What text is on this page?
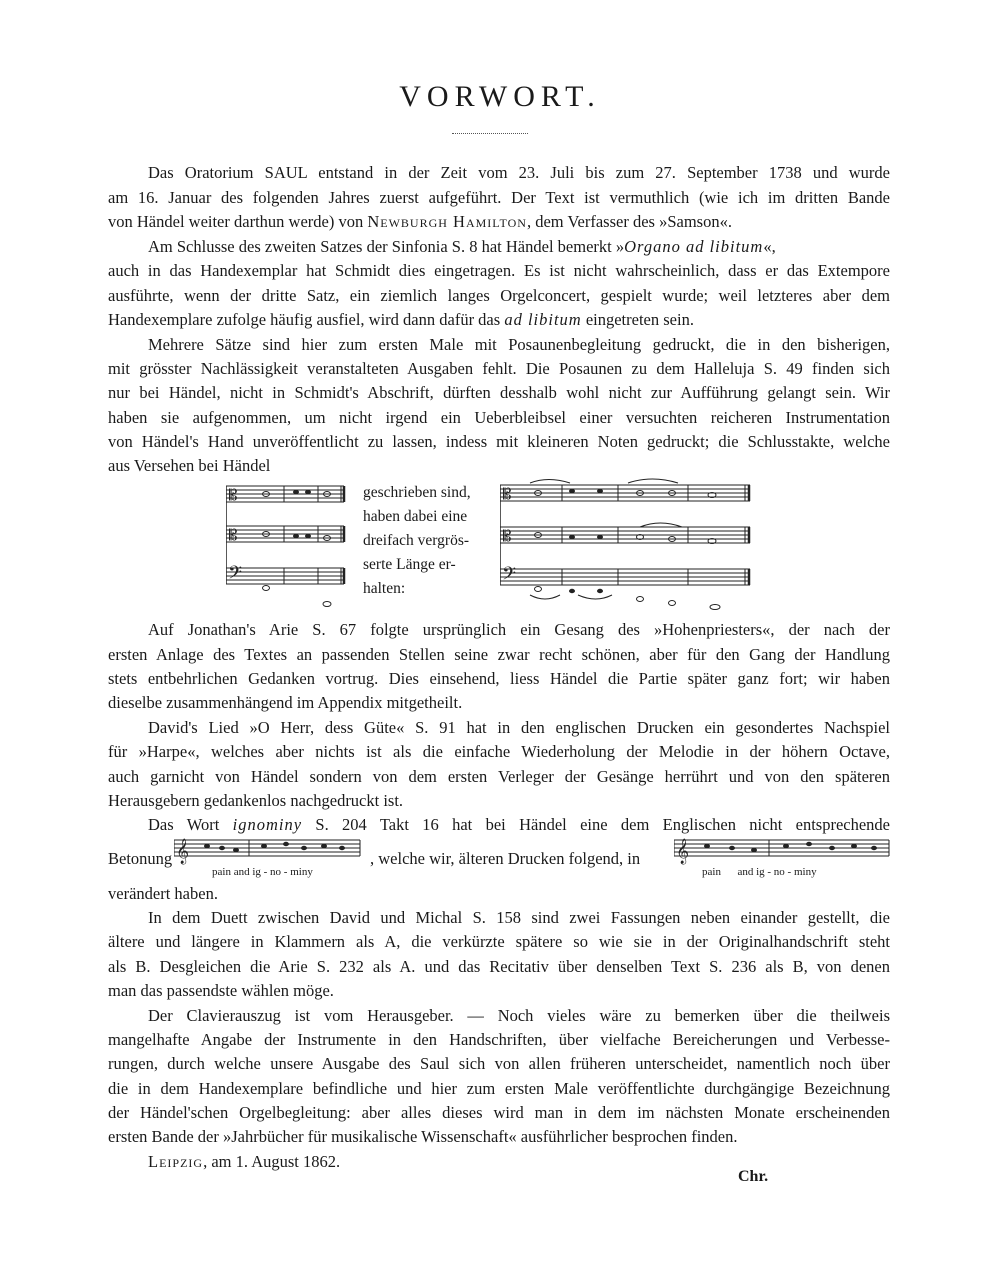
VORWORT.
Das Oratorium SAUL entstand in der Zeit vom 23. Juli bis zum 27. September 1738 und wurde
am 16. Januar des folgenden Jahres zuerst aufgeführt. Der Text ist vermuthlich (wie ich im dritten Bande
von Händel weiter darthun werde) von Newburgh Hamilton, dem Verfasser des »Samson«.
Am Schlusse des zweiten Satzes der Sinfonia S. 8 hat Händel bemerkt »Organo ad libitum«,
auch in das Handexemplar hat Schmidt dies eingetragen. Es ist nicht wahrscheinlich, dass er das Extempore
ausführte, wenn der dritte Satz, ein ziemlich langes Orgelconcert, gespielt wurde; weil letzteres aber dem
Handexemplare zufolge häufig ausfiel, wird dann dafür das ad libitum eingetreten sein.
Mehrere Sätze sind hier zum ersten Male mit Posaunenbegleitung gedruckt, die in den bisherigen,
mit grösster Nachlässigkeit veranstalteten Ausgaben fehlt. Die Posaunen zu dem Halleluja S. 49 finden sich
nur bei Händel, nicht in Schmidt's Abschrift, dürften desshalb wohl nicht zur Aufführung gelangt sein. Wir
haben sie aufgenommen, um nicht irgend ein Ueberbleibsel einer versuchten reicheren Instrumentation
von Händel's Hand unveröffentlicht zu lassen, indess mit kleineren Noten gedruckt; die Schlusstakte, welche
aus Versehen bei Händel
𝄡
𝄡
𝄢
geschrieben sind,
haben dabei eine
dreifach vergrös-
serte Länge er-
halten:
𝄡
𝄡
𝄢
Auf Jonathan's Arie S. 67 folgte ursprünglich ein Gesang des »Hohenpriesters«, der nach der
ersten Anlage des Textes an passenden Stellen seine zwar recht schönen, aber für den Gang der Handlung
stets entbehrlichen Gedanken vortrug. Dies einsehend, liess Händel die Partie später ganz fort; wir haben
dieselbe zusammenhängend im Appendix mitgetheilt.
David's Lied »O Herr, dess Güte« S. 91 hat in den englischen Drucken ein gesondertes Nachspiel
für »Harpe«, welches aber nichts ist als die einfache Wiederholung der Melodie in der höhern Octave,
auch garnicht von Händel sondern von dem ersten Verleger der Gesänge herrührt und von den späteren
Herausgebern gedankenlos nachgedruckt ist.
Das Wort ignominy S. 204 Takt 16 hat bei Händel eine dem Englischen nicht entsprechende
Betonung 𝄞
pain and ig - no - miny
, welche wir, älteren Drucken folgend, in 𝄞
pain      and ig - no - miny
verändert haben.
In dem Duett zwischen David und Michal S. 158 sind zwei Fassungen neben einander gestellt, die
ältere und längere in Klammern als A, die verkürzte spätere so wie sie in der Originalhandschrift steht
als B. Desgleichen die Arie S. 232 als A. und das Recitativ über denselben Text S. 236 als B, von denen
man das passendste wählen möge.
Der Clavierauszug ist vom Herausgeber. — Noch vieles wäre zu bemerken über die theilweis
mangelhafte Angabe der Instrumente in den Handschriften, über vielfache Bereicherungen und Verbesse-
rungen, durch welche unsere Ausgabe des Saul sich von allen früheren unterscheidet, namentlich noch über
die in dem Handexemplare befindliche und hier zum ersten Male veröffentlichte durchgängige Bezeichnung
der Händel'schen Orgelbegleitung: aber alles dieses wird man in dem im nächsten Monate erscheinenden
ersten Bande der »Jahrbücher für musikalische Wissenschaft« ausführlicher besprochen finden.
Leipzig, am 1. August 1862.
Chr.
